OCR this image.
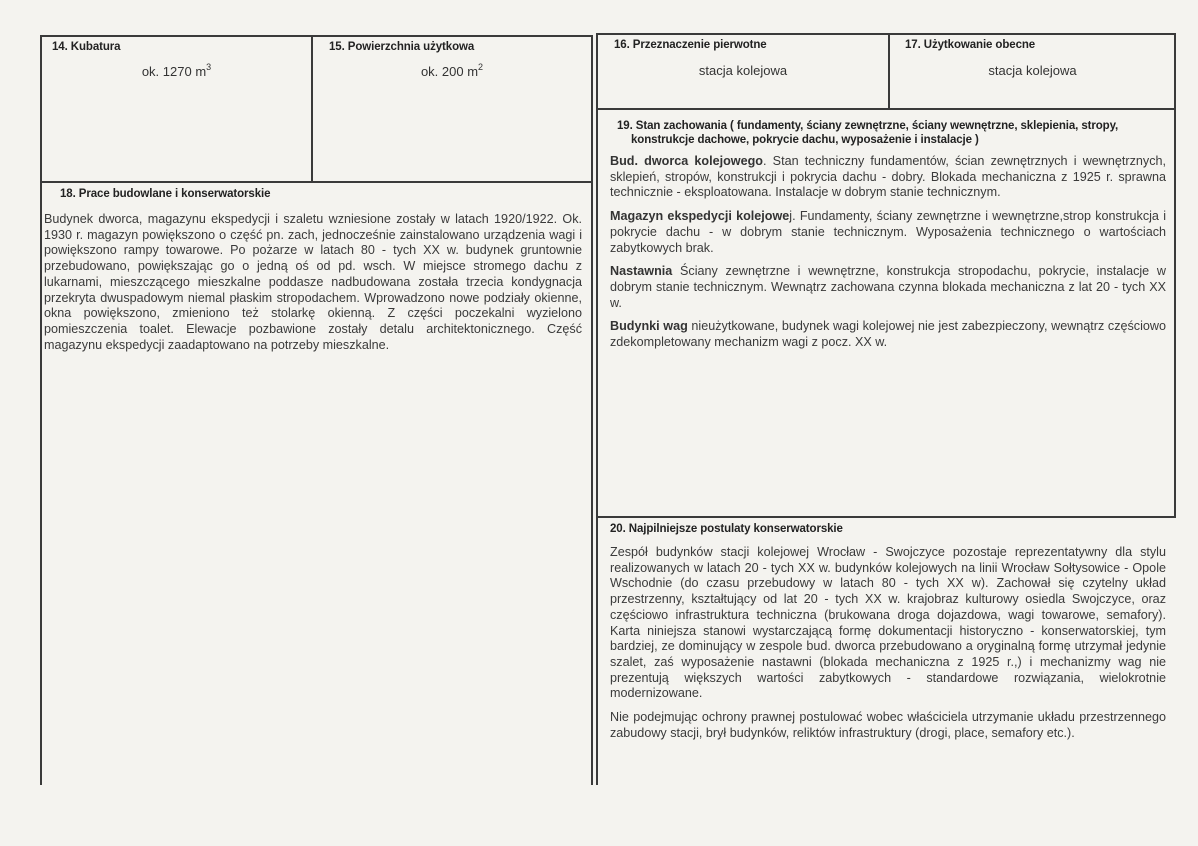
14. Kubatura
ok. 1270 $m^3$
15. Powierzchnia użytkowa
ok. 200 $m^2$
16. Przeznaczenie pierwotne
stacja kolejowa
17. Użytkowanie obecne
stacja kolejowa
18. Prace budowlane i konserwatorskie

Budynek dworca, magazynu ekspedycji i szaletu wzniesione zostały w latach 1920/1922. Ok. 1930 r. magazyn powiększono o część pn. zach, jednocześnie zainstalowano urządzenia wagi i powiększono rampy towarowe. Po pożarze w latach 80 - tych XX w. budynek gruntownie przebudowano, powiększając go o jedną oś od pd. wsch. W miejsce stromego dachu z lukarnami, mieszczącego mieszkalne poddasze nadbudowana została trzecia kondygnacja przekryta dwuspadowym niemal płaskim stropodachem. Wprowadzono nowe podziały okienne, okna powiększono, zmieniono też stolarkę okienną. Z części poczekalni wyzielono pomieszczenia toalet. Elewacje pozbawione zostały detalu architektonicznego. Część magazynu ekspedycji zaadaptowano na potrzeby mieszkalne.

19. Stan zachowania ( fundamenty, ściany zewnętrzne, ściany wewnętrzne, sklepienia, stropy,
konstrukcje dachowe, pokrycie dachu, wyposażenie i instalacje )

Bud. dworca kolejowego. Stan techniczny fundamentów, ścian zewnętrznych i wewnętrznych, sklepień, stropów, konstrukcji i pokrycia dachu - dobry. Blokada mechaniczna z 1925 r. sprawna technicznie - eksploatowana. Instalacje w dobrym stanie technicznym.

Magazyn ekspedycji kolejowej. Fundamenty, ściany zewnętrzne i wewnętrzne,strop konstrukcja i pokrycie dachu - w dobrym stanie technicznym. Wyposażenia technicznego o wartościach zabytkowych brak.

Nastawnia Ściany zewnętrzne i wewnętrzne, konstrukcja stropodachu, pokrycie, instalacje w dobrym stanie technicznym. Wewnątrz zachowana czynna blokada mechaniczna z lat 20 - tych XX w.

Budynki wag nieużytkowane, budynek wagi kolejowej nie jest zabezpieczony, wewnątrz częściowo zdekompletowany mechanizm wagi z pocz. XX w.

20. Najpilniejsze postulaty konserwatorskie

Zespół budynków stacji kolejowej Wrocław - Swojczyce pozostaje reprezentatywny dla stylu realizowanych w latach 20 - tych XX w. budynków kolejowych na linii Wrocław Sołtysowice - Opole Wschodnie (do czasu przebudowy w latach 80 - tych XX w). Zachował się czytelny układ przestrzenny, kształtujący od lat 20 - tych XX w. krajobraz kulturowy osiedla Swojczyce, oraz częściowo infrastruktura techniczna (brukowana droga dojazdowa, wagi towarowe, semafory). Karta niniejsza stanowi wystarczającą formę dokumentacji historyczno - konserwatorskiej, tym bardziej, ze dominujący w zespole bud. dworca przebudowano a oryginalną formę utrzymał jedynie szalet, zaś wyposażenie nastawni (blokada mechaniczna z 1925 r.,) i mechanizmy wag nie prezentują większych wartości zabytkowych - standardowe rozwiązania, wielokrotnie modernizowane.

Nie podejmując ochrony prawnej postulować wobec właściciela utrzymanie układu przestrzennego zabudowy stacji, brył budynków, reliktów infrastruktury (drogi, place, semafory etc.).
